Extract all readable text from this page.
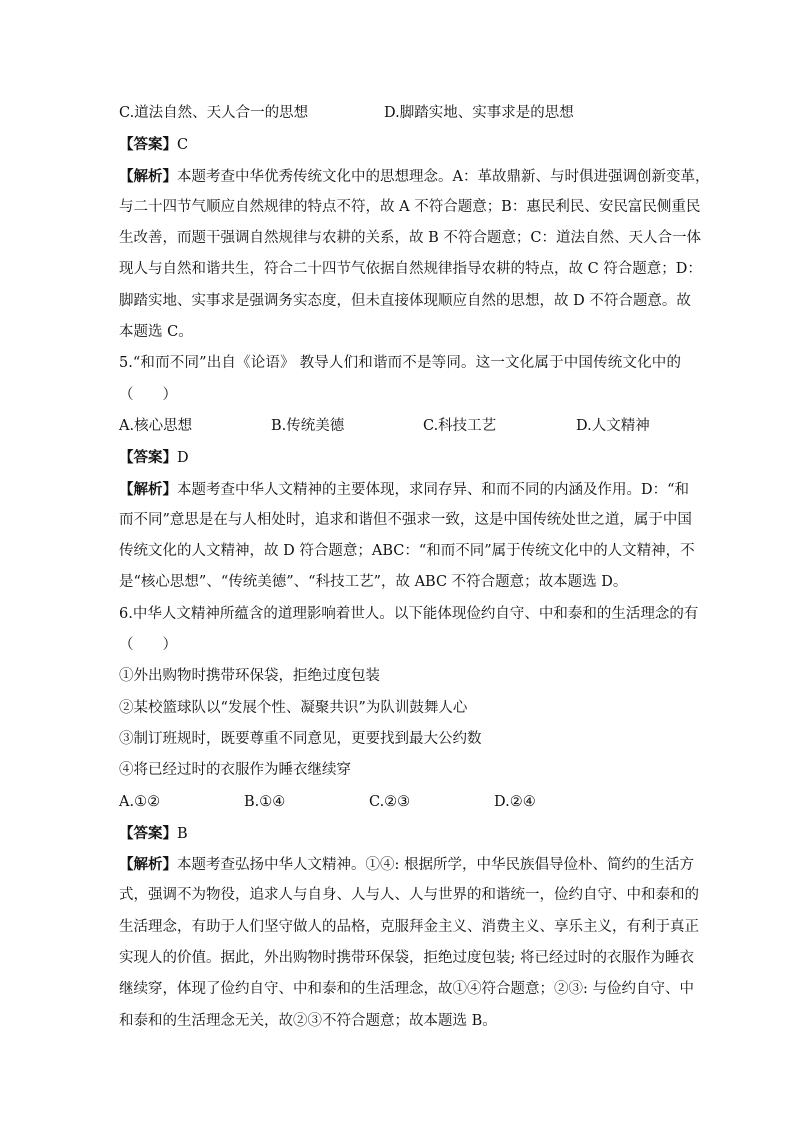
C.道法自然、天人合一的思想	D.脚踏实地、实事求是的思想
【答案】C
【解析】本题考查中华优秀传统文化中的思想理念。A：革故鼎新、与时俱进强调创新变革，
与二十四节气顺应自然规律的特点不符，故 A 不符合题意；B：惠民利民、安民富民侧重民
生改善，而题干强调自然规律与农耕的关系，故 B 不符合题意；C：道法自然、天人合一体
现人与自然和谐共生，符合二十四节气依据自然规律指导农耕的特点，故 C 符合题意；D：
脚踏实地、实事求是强调务实态度，但未直接体现顺应自然的思想，故 D 不符合题意。故
本题选 C。
5.“和而不同”出自《论语》 教导人们和谐而不是等同。这一文化属于中国传统文化中的
（　　）
A.核心思想	B.传统美德	C.科技工艺	D.人文精神
【答案】D
【解析】本题考查中华人文精神的主要体现，求同存异、和而不同的内涵及作用。D：“和
而不同”意思是在与人相处时，追求和谐但不强求一致，这是中国传统处世之道，属于中国
传统文化的人文精神，故 D 符合题意；ABC：“和而不同”属于传统文化中的人文精神，不
是“核心思想”、“传统美德”、“科技工艺”，故 ABC 不符合题意；故本题选 D。
6.中华人文精神所蕴含的道理影响着世人。以下能体现俭约自守、中和泰和的生活理念的有
（　　）
①外出购物时携带环保袋，拒绝过度包装
②某校篮球队以“发展个性、凝聚共识”为队训鼓舞人心
③制订班规时，既要尊重不同意见，更要找到最大公约数
④将已经过时的衣服作为睡衣继续穿
A.①②	B.①④	C.②③	D.②④
【答案】B
【解析】本题考查弘扬中华人文精神。①④: 根据所学，中华民族倡导俭朴、简约的生活方
式，强调不为物役，追求人与自身、人与人、人与世界的和谐统一，俭约自守、中和泰和的
生活理念，有助于人们坚守做人的品格，克服拜金主义、消费主义、享乐主义，有利于真正
实现人的价值。据此，外出购物时携带环保袋，拒绝过度包装; 将已经过时的衣服作为睡衣
继续穿，体现了俭约自守、中和泰和的生活理念，故①④符合题意；②③: 与俭约自守、中
和泰和的生活理念无关，故②③不符合题意；故本题选 B。
